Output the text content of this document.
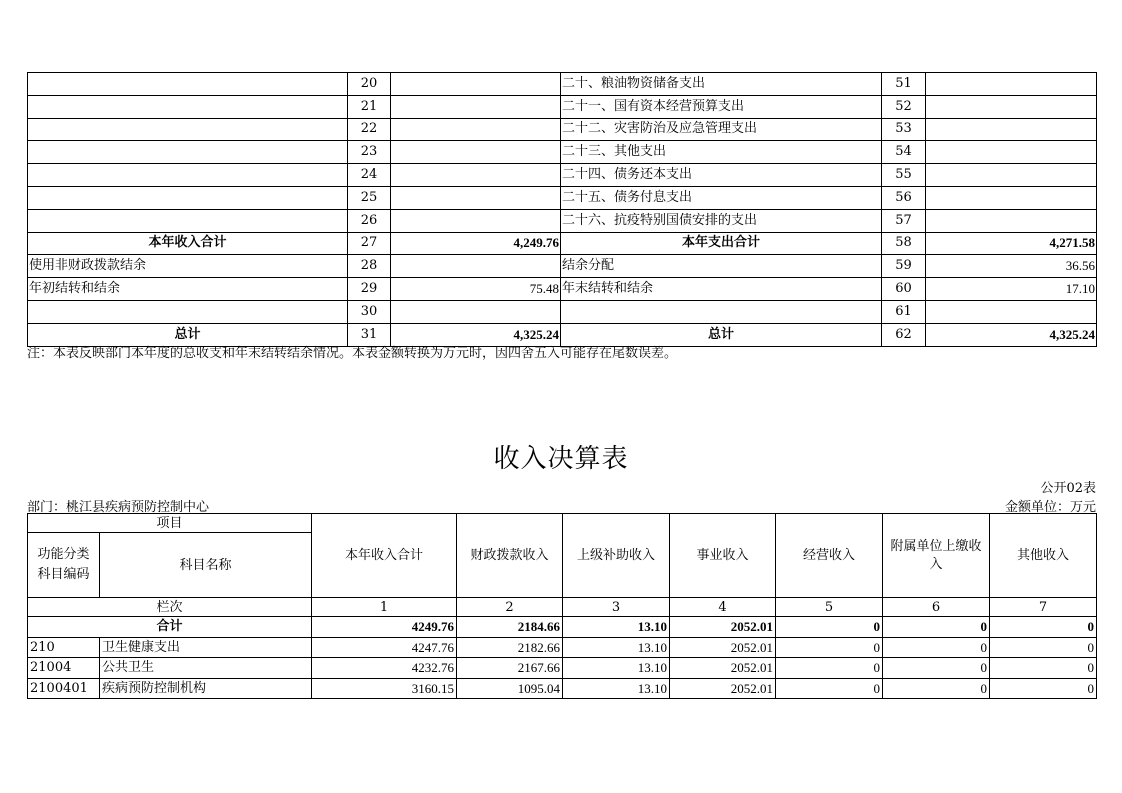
	20		二十、粮油物资储备支出	51	
	21		二十一、国有资本经营预算支出	52	
	22		二十二、灾害防治及应急管理支出	53	
	23		二十三、其他支出	54	
	24		二十四、债务还本支出	55	
	25		二十五、债务付息支出	56	
	26		二十六、抗疫特别国债安排的支出	57	
本年收入合计	27	4,249.76	本年支出合计	58	4,271.58
使用非财政拨款结余	28		结余分配	59	36.56
年初结转和结余	29	75.48	年末结转和结余	60	17.10
	30			61	
总计	31	4,325.24	总计	62	4,325.24
注：本表反映部门本年度的总收支和年末结转结余情况。本表金额转换为万元时，因四舍五入可能存在尾数误差。
收入决算表
公开02表
部门：桃江县疾病预防控制中心	金额单位：万元
项目		本年收入合计	财政拨款收入	上级补助收入	事业收入	经营收入	附属单位上缴收入	其他收入
功能分类科目编码	科目名称							
栏次		1	2	3	4	5	6	7
合计		4249.76	2184.66	13.10	2052.01	0	0	0
210	卫生健康支出	4247.76	2182.66	13.10	2052.01	0	0	0
21004	公共卫生	4232.76	2167.66	13.10	2052.01	0	0	0
2100401	疾病预防控制机构	3160.15	1095.04	13.10	2052.01	0	0	0
